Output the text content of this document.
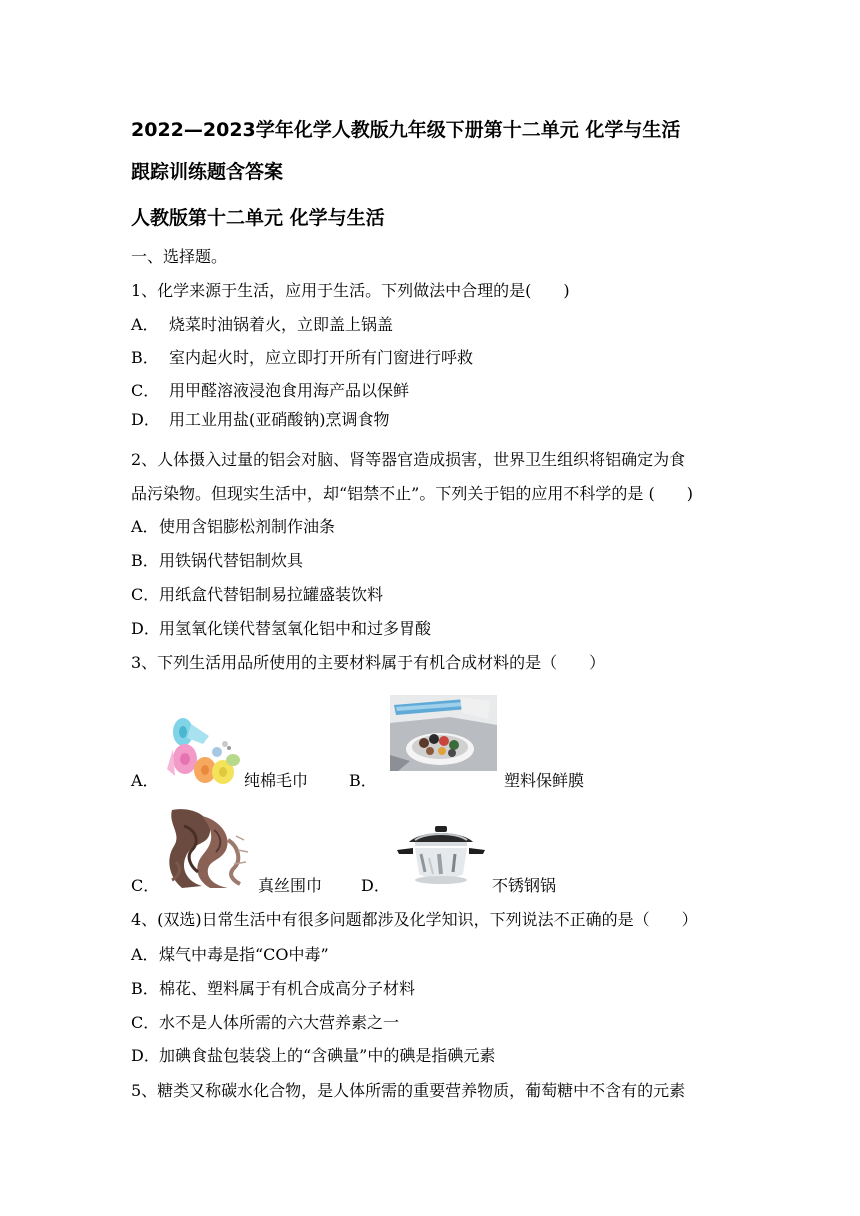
2022—2023学年化学人教版九年级下册第十二单元 化学与生活
跟踪训练题含答案
人教版第十二单元 化学与生活
一、选择题。
1、化学来源于生活，应用于生活。下列做法中合理的是(　　)
A． 烧菜时油锅着火，立即盖上锅盖
B． 室内起火时，应立即打开所有门窗进行呼救
C． 用甲醛溶液浸泡食用海产品以保鲜
D． 用工业用盐(亚硝酸钠)烹调食物
2、人体摄入过量的铝会对脑、肾等器官造成损害，世界卫生组织将铝确定为食
品污染物。但现实生活中，却“铝禁不止”。下列关于铝的应用不科学的是 (　　)
A．使用含铝膨松剂制作油条
B．用铁锅代替铝制炊具
C．用纸盒代替铝制易拉罐盛装饮料
D．用氢氧化镁代替氢氧化铝中和过多胃酸
3、下列生活用品所使用的主要材料属于有机合成材料的是（　　）
A．	纯棉毛巾	B．	塑料保鲜膜
C．	真丝围巾 D．	不锈钢锅
4、(双选)日常生活中有很多问题都涉及化学知识，下列说法不正确的是（　　）
A．煤气中毒是指“CO中毒”
B．棉花、塑料属于有机合成高分子材料
C．水不是人体所需的六大营养素之一
D．加碘食盐包装袋上的“含碘量”中的碘是指碘元素
5、糖类又称碳水化合物，是人体所需的重要营养物质，葡萄糖中不含有的元素
